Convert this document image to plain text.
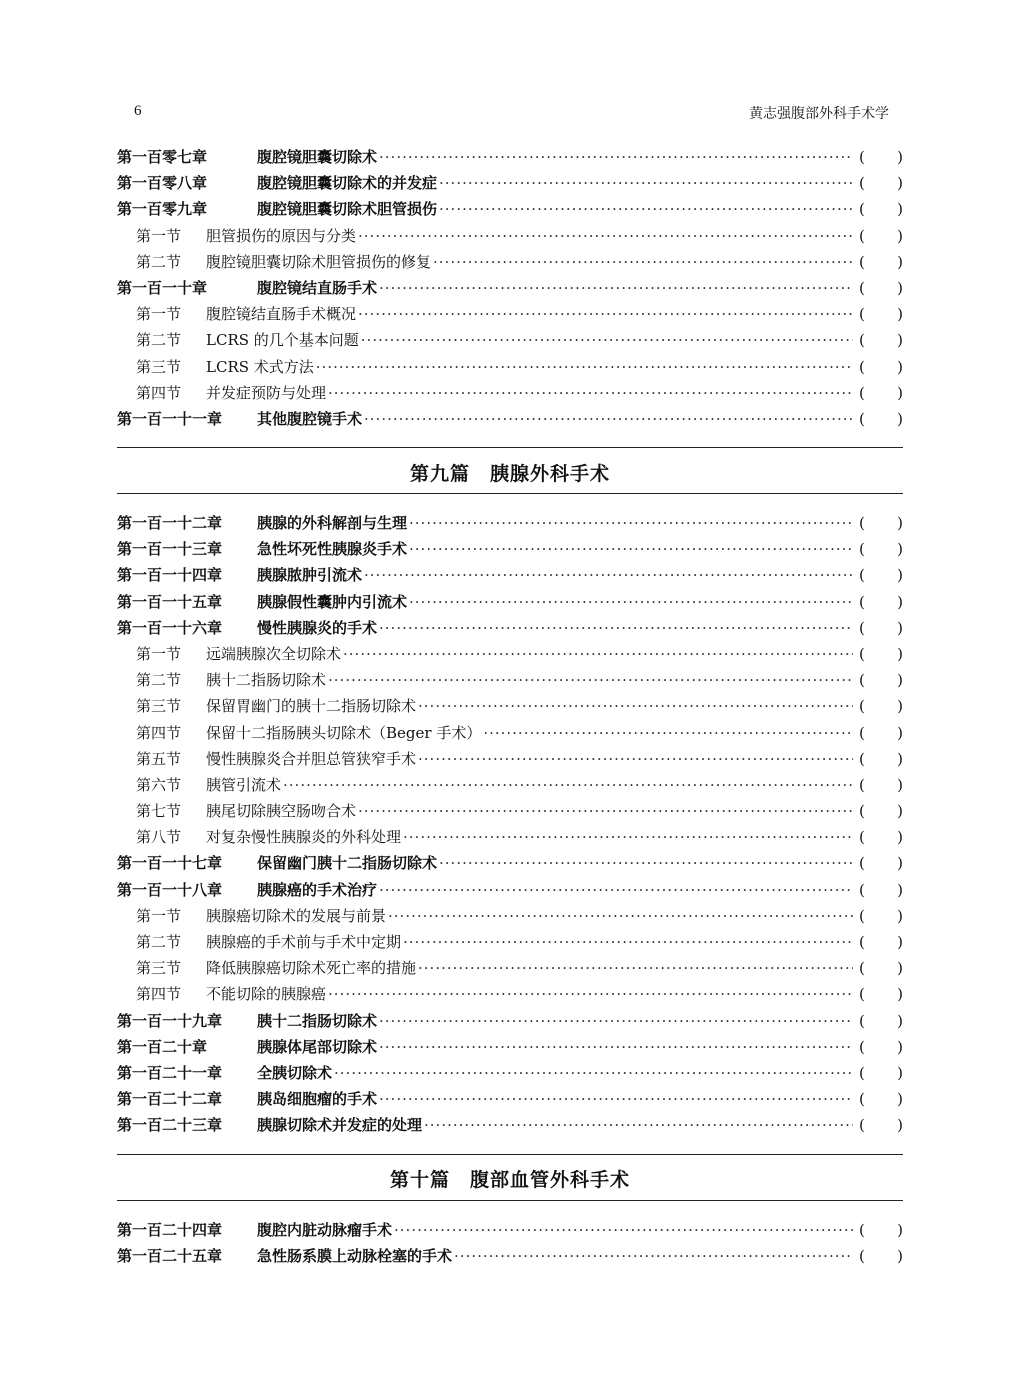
6	黄志强腹部外科手术学
第一百零七章	腹腔镜胆囊切除术 ·····	( )
第一百零八章	腹腔镜胆囊切除术的并发症 ·····	( )
第一百零九章	腹腔镜胆囊切除术胆管损伤 ·····	( )
第一节	胆管损伤的原因与分类 ·····	( )
第二节	腹腔镜胆囊切除术胆管损伤的修复 ·····	( )
第一百一十章	腹腔镜结直肠手术 ·····	( )
第一节	腹腔镜结直肠手术概况 ·····	( )
第二节	LCRS 的几个基本问题 ·····	( )
第三节	LCRS 术式方法 ·····	( )
第四节	并发症预防与处理 ·····	( )
第一百一十一章	其他腹腔镜手术 ·····	( )
第九篇　胰腺外科手术
第一百一十二章	胰腺的外科解剖与生理 ·····	( )
第一百一十三章	急性坏死性胰腺炎手术 ·····	( )
第一百一十四章	胰腺脓肿引流术 ·····	( )
第一百一十五章	胰腺假性囊肿内引流术 ·····	( )
第一百一十六章	慢性胰腺炎的手术 ·····	( )
第一节	远端胰腺次全切除术 ·····	( )
第二节	胰十二指肠切除术 ·····	( )
第三节	保留胃幽门的胰十二指肠切除术 ·····	( )
第四节	保留十二指肠胰头切除术（Beger 手术） ·····	( )
第五节	慢性胰腺炎合并胆总管狭窄手术 ·····	( )
第六节	胰管引流术 ·····	( )
第七节	胰尾切除胰空肠吻合术 ·····	( )
第八节	对复杂慢性胰腺炎的外科处理 ·····	( )
第一百一十七章	保留幽门胰十二指肠切除术 ·····	( )
第一百一十八章	胰腺癌的手术治疗 ·····	( )
第一节	胰腺癌切除术的发展与前景 ·····	( )
第二节	胰腺癌的手术前与手术中定期 ·····	( )
第三节	降低胰腺癌切除术死亡率的措施 ·····	( )
第四节	不能切除的胰腺癌 ·····	( )
第一百一十九章	胰十二指肠切除术 ·····	( )
第一百二十章	胰腺体尾部切除术 ·····	( )
第一百二十一章	全胰切除术 ·····	( )
第一百二十二章	胰岛细胞瘤的手术 ·····	( )
第一百二十三章	胰腺切除术并发症的处理 ·····	( )
第十篇　腹部血管外科手术
第一百二十四章	腹腔内脏动脉瘤手术 ·····	( )
第一百二十五章	急性肠系膜上动脉栓塞的手术 ·····	( )
